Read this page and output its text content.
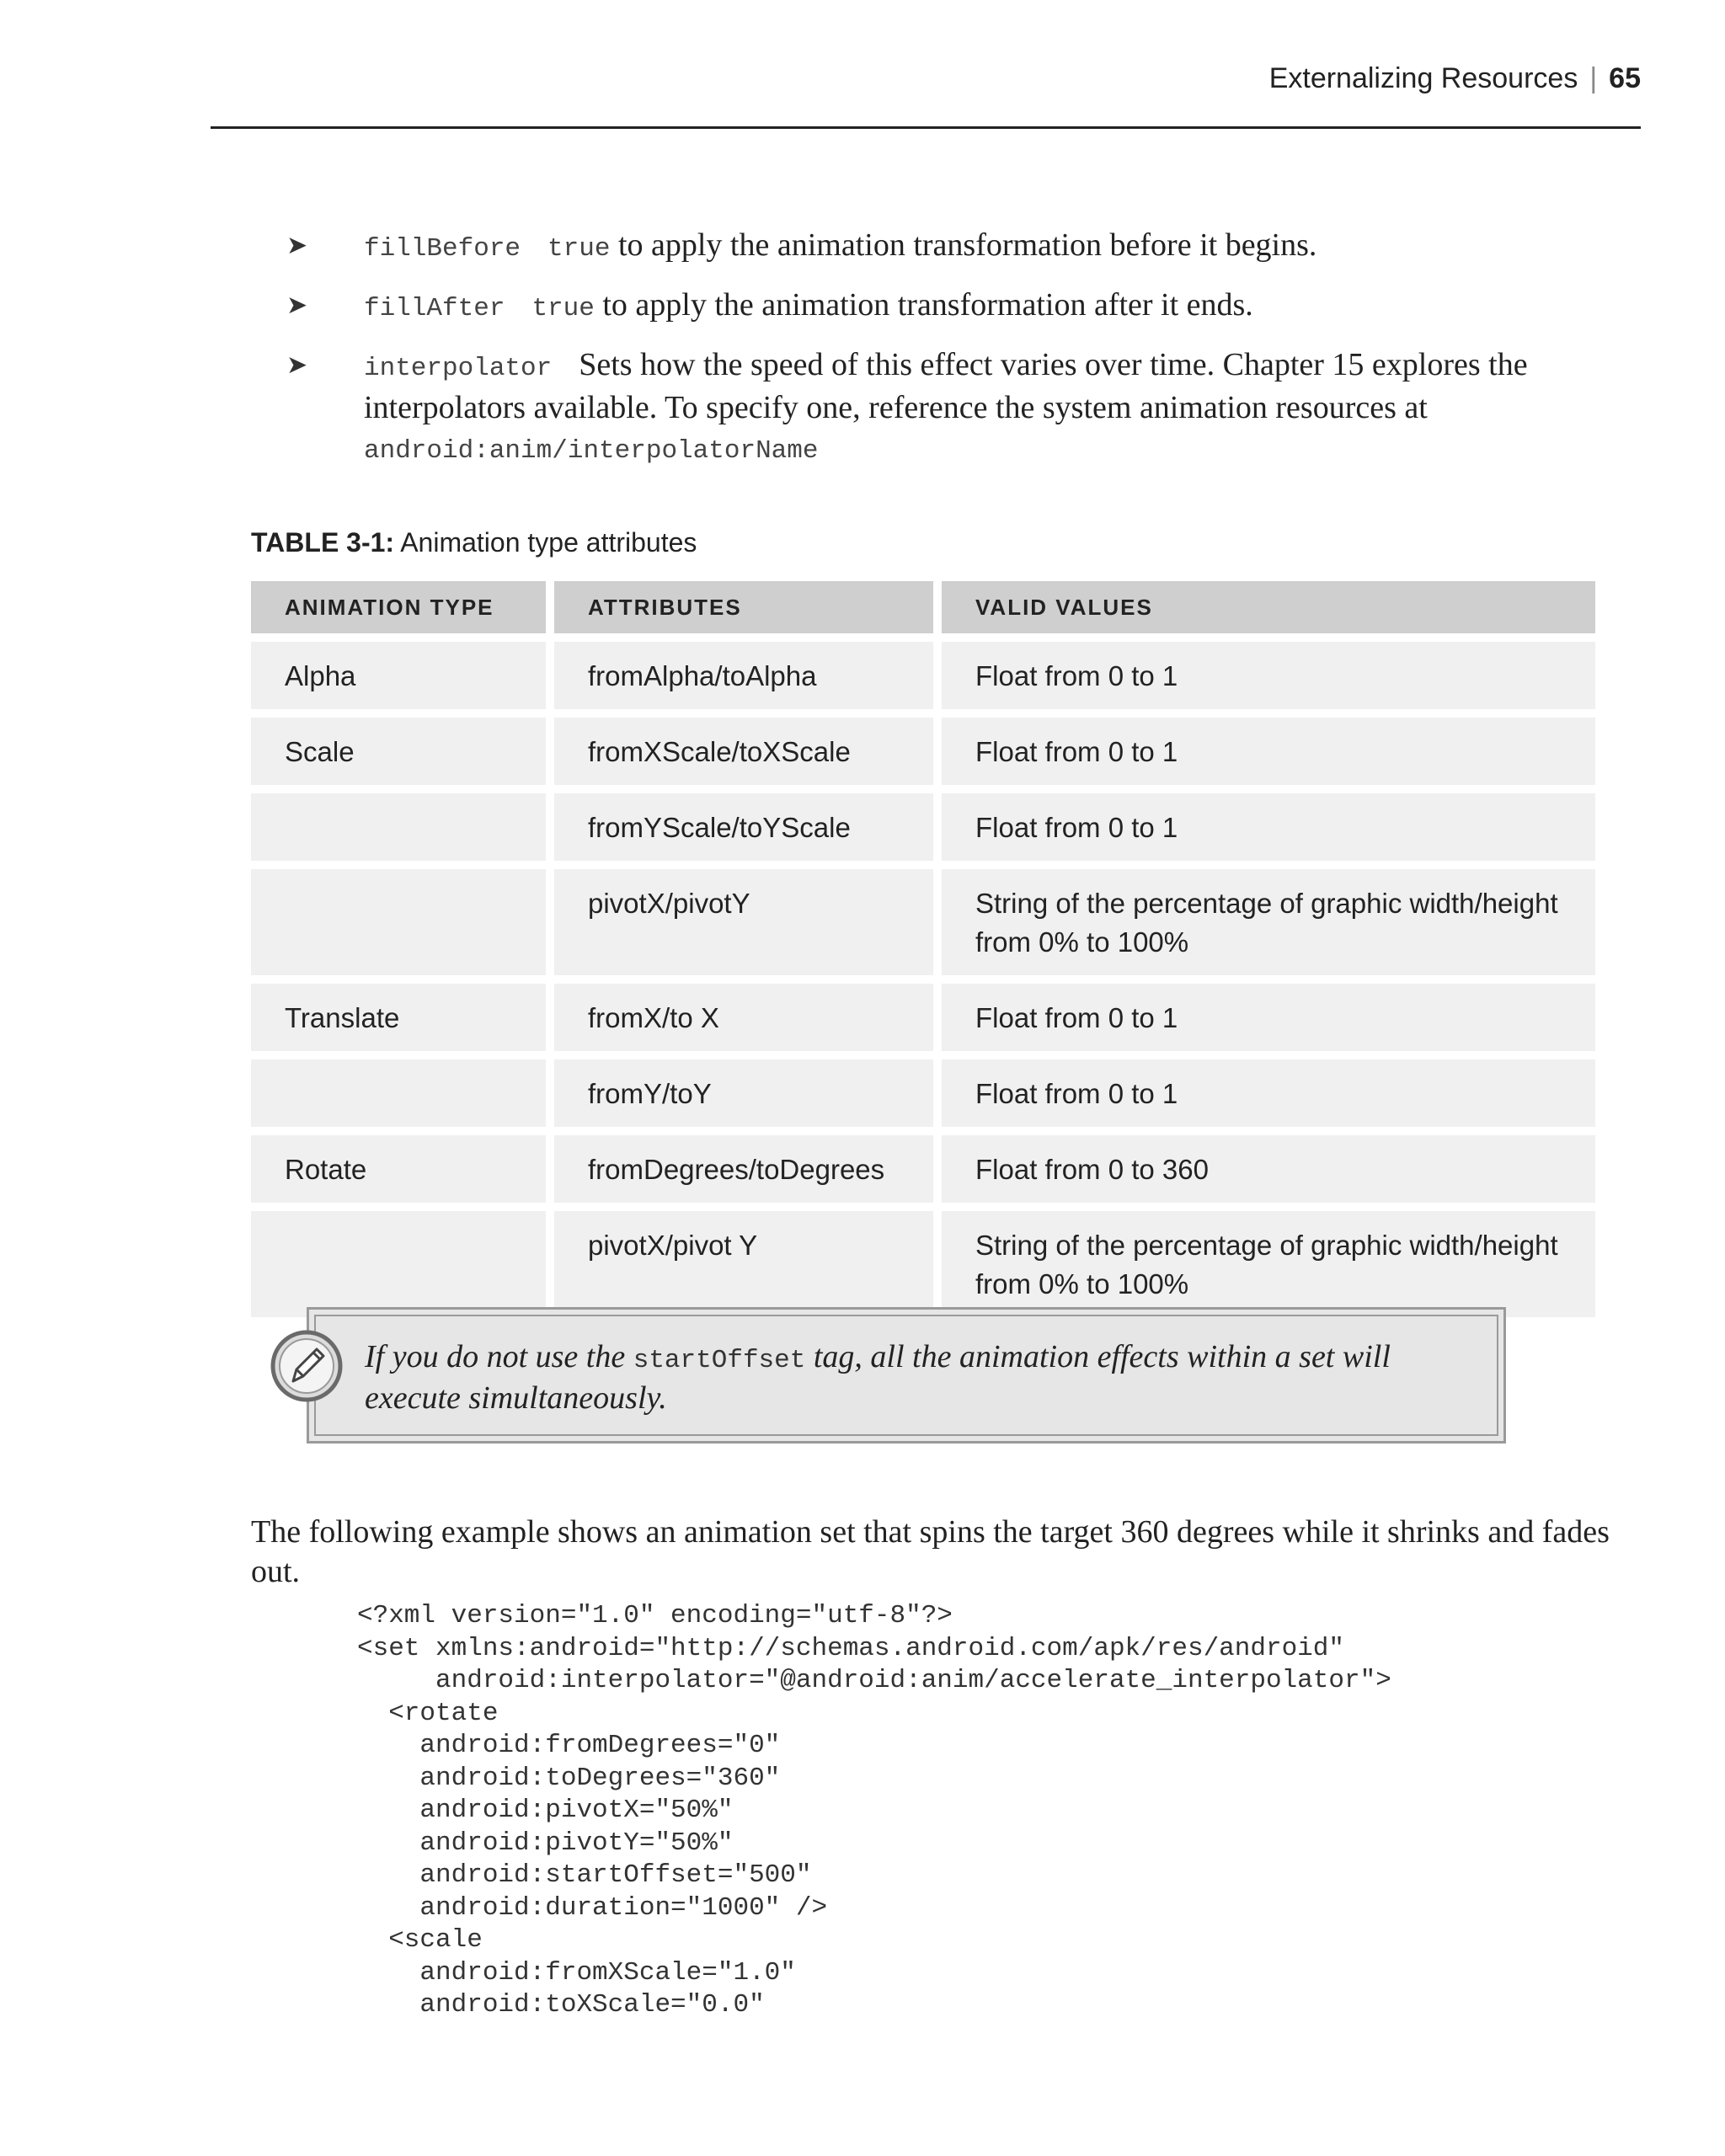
Externalizing Resources | 65
➤ fillBefore true to apply the animation transformation before it begins.
➤ fillAfter true to apply the animation transformation after it ends.
➤ interpolator Sets how the speed of this effect varies over time. Chapter 15 explores the interpolators available. To specify one, reference the system animation resources at
android:anim/interpolatorName
TABLE 3-1: Animation type attributes
ANIMATION TYPE	ATTRIBUTES	VALID VALUES
Alpha	fromAlpha/toAlpha	Float from 0 to 1
Scale	fromXScale/toXScale	Float from 0 to 1
	fromYScale/toYScale	Float from 0 to 1
	pivotX/pivotY	String of the percentage of graphic width/height from 0% to 100%
Translate	fromX/to X	Float from 0 to 1
	fromY/toY	Float from 0 to 1
Rotate	fromDegrees/toDegrees	Float from 0 to 360
	pivotX/pivot Y	String of the percentage of graphic width/height from 0% to 100%
If you do not use the startOffset tag, all the animation effects within a set will execute simultaneously.

The following example shows an animation set that spins the target 360 degrees while it shrinks and fades out.

<?xml version="1.0" encoding="utf-8"?>
<set xmlns:android="http://schemas.android.com/apk/res/android"
android:interpolator="@android:anim/accelerate_interpolator">
<rotate
android:fromDegrees="0"
android:toDegrees="360"
android:pivotX="50%"
android:pivotY="50%"
android:startOffset="500"
android:duration="1000" />
<scale
android:fromXScale="1.0"
android:toXScale="0.0"
